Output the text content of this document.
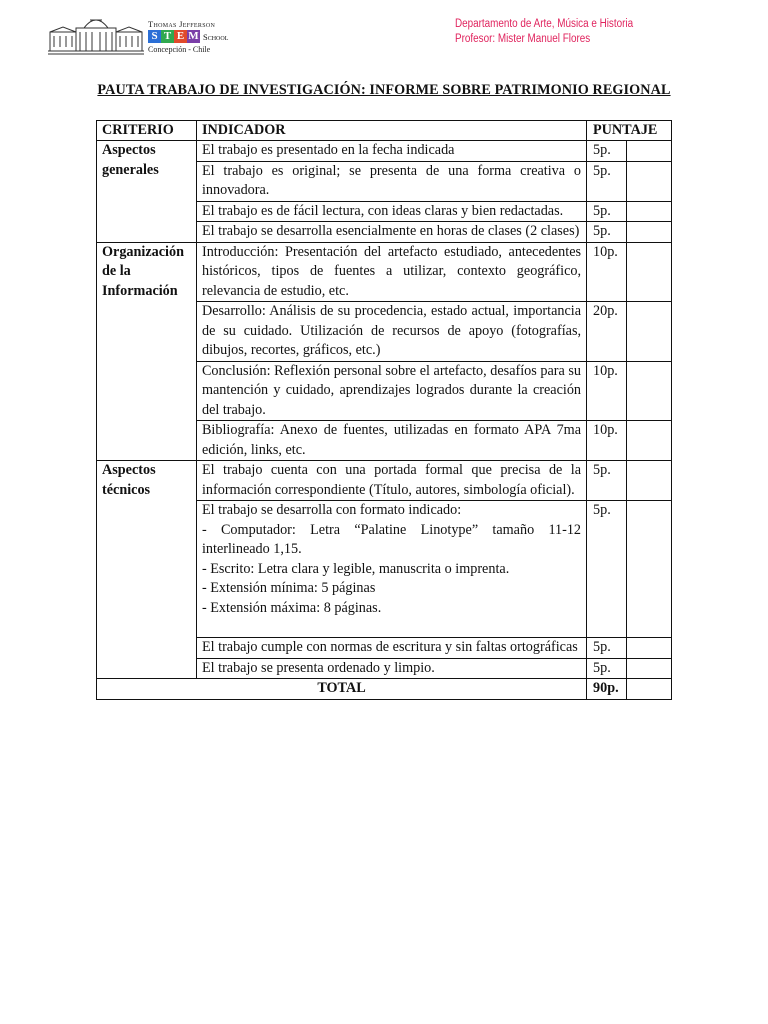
Thomas Jefferson
S T E M School
Concepción - Chile
Departamento de Arte, Música e Historia
Profesor: Mister Manuel Flores
PAUTA TRABAJO DE INVESTIGACIÓN: INFORME SOBRE PATRIMONIO REGIONAL
CRITERIO	INDICADOR	PUNTAJE	
Aspectos generales	El trabajo es presentado en la fecha indicada	5p.	
	El trabajo es original; se presenta de una forma creativa o innovadora.	5p.	
	El trabajo es de fácil lectura, con ideas claras y bien redactadas.	5p.	
	El trabajo se desarrolla esencialmente en horas de clases (2 clases)	5p.	
Organización de la Información	Introducción: Presentación del artefacto estudiado, antecedentes históricos, tipos de fuentes a utilizar, contexto geográfico, relevancia de estudio, etc.	10p.	
	Desarrollo: Análisis de su procedencia, estado actual, importancia de su cuidado. Utilización de recursos de apoyo (fotografías, dibujos, recortes, gráficos, etc.)	20p.	
	Conclusión: Reflexión personal sobre el artefacto, desafíos para su mantención y cuidado, aprendizajes logrados durante la creación del trabajo.	10p.	
	Bibliografía: Anexo de fuentes, utilizadas en formato APA 7ma edición, links, etc.	10p.	
Aspectos técnicos	El trabajo cuenta con una portada formal que precisa de la información correspondiente (Título, autores, simbología oficial).	5p.	

	El trabajo se desarrolla con formato indicado:
- Computador: Letra “Palatine Linotype” tamaño 11-12 interlineado 1,15.
- Escrito: Letra clara y legible, manuscrita o imprenta.
- Extensión mínima: 5 páginas
- Extensión máxima: 8 páginas.	5p.	
	El trabajo cumple con normas de escritura y sin faltas ortográficas	5p.	
	El trabajo se presenta ordenado y limpio.	5p.	
TOTAL		90p.	
